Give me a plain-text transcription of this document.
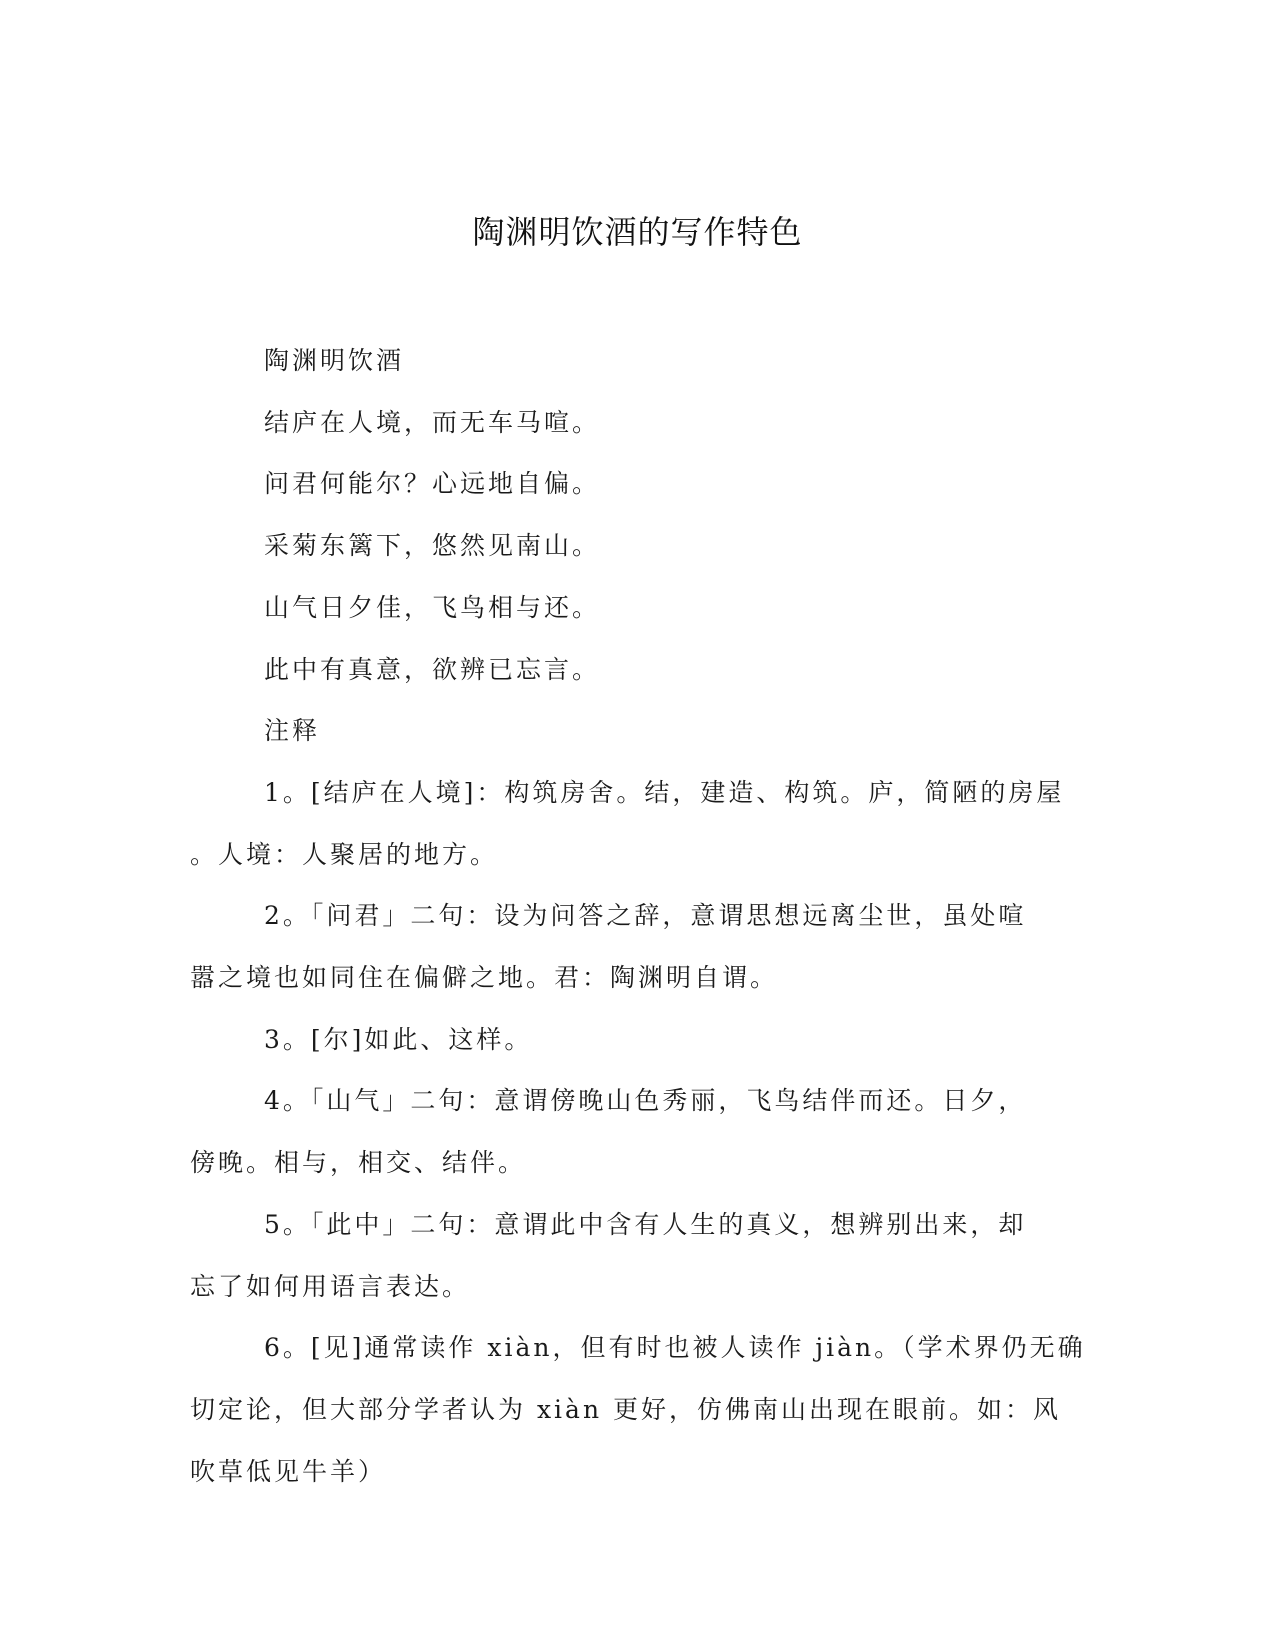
陶渊明饮酒的写作特色
陶渊明饮酒
结庐在人境，而无车马喧。
问君何能尔？心远地自偏。
采菊东篱下，悠然见南山。
山气日夕佳，飞鸟相与还。
此中有真意，欲辨已忘言。
注释
1。[结庐在人境]：构筑房舍。结，建造、构筑。庐，简陋的房屋
。人境：人聚居的地方。
2。「问君」二句：设为问答之辞，意谓思想远离尘世，虽处喧
嚣之境也如同住在偏僻之地。君：陶渊明自谓。
3。[尔]如此、这样。
4。「山气」二句：意谓傍晚山色秀丽，飞鸟结伴而还。日夕，
傍晚。相与，相交、结伴。
5。「此中」二句：意谓此中含有人生的真义，想辨别出来，却
忘了如何用语言表达。
6。[见]通常读作 xiàn，但有时也被人读作 jiàn。（学术界仍无确
切定论，但大部分学者认为 xiàn 更好，仿佛南山出现在眼前。如：风
吹草低见牛羊）
